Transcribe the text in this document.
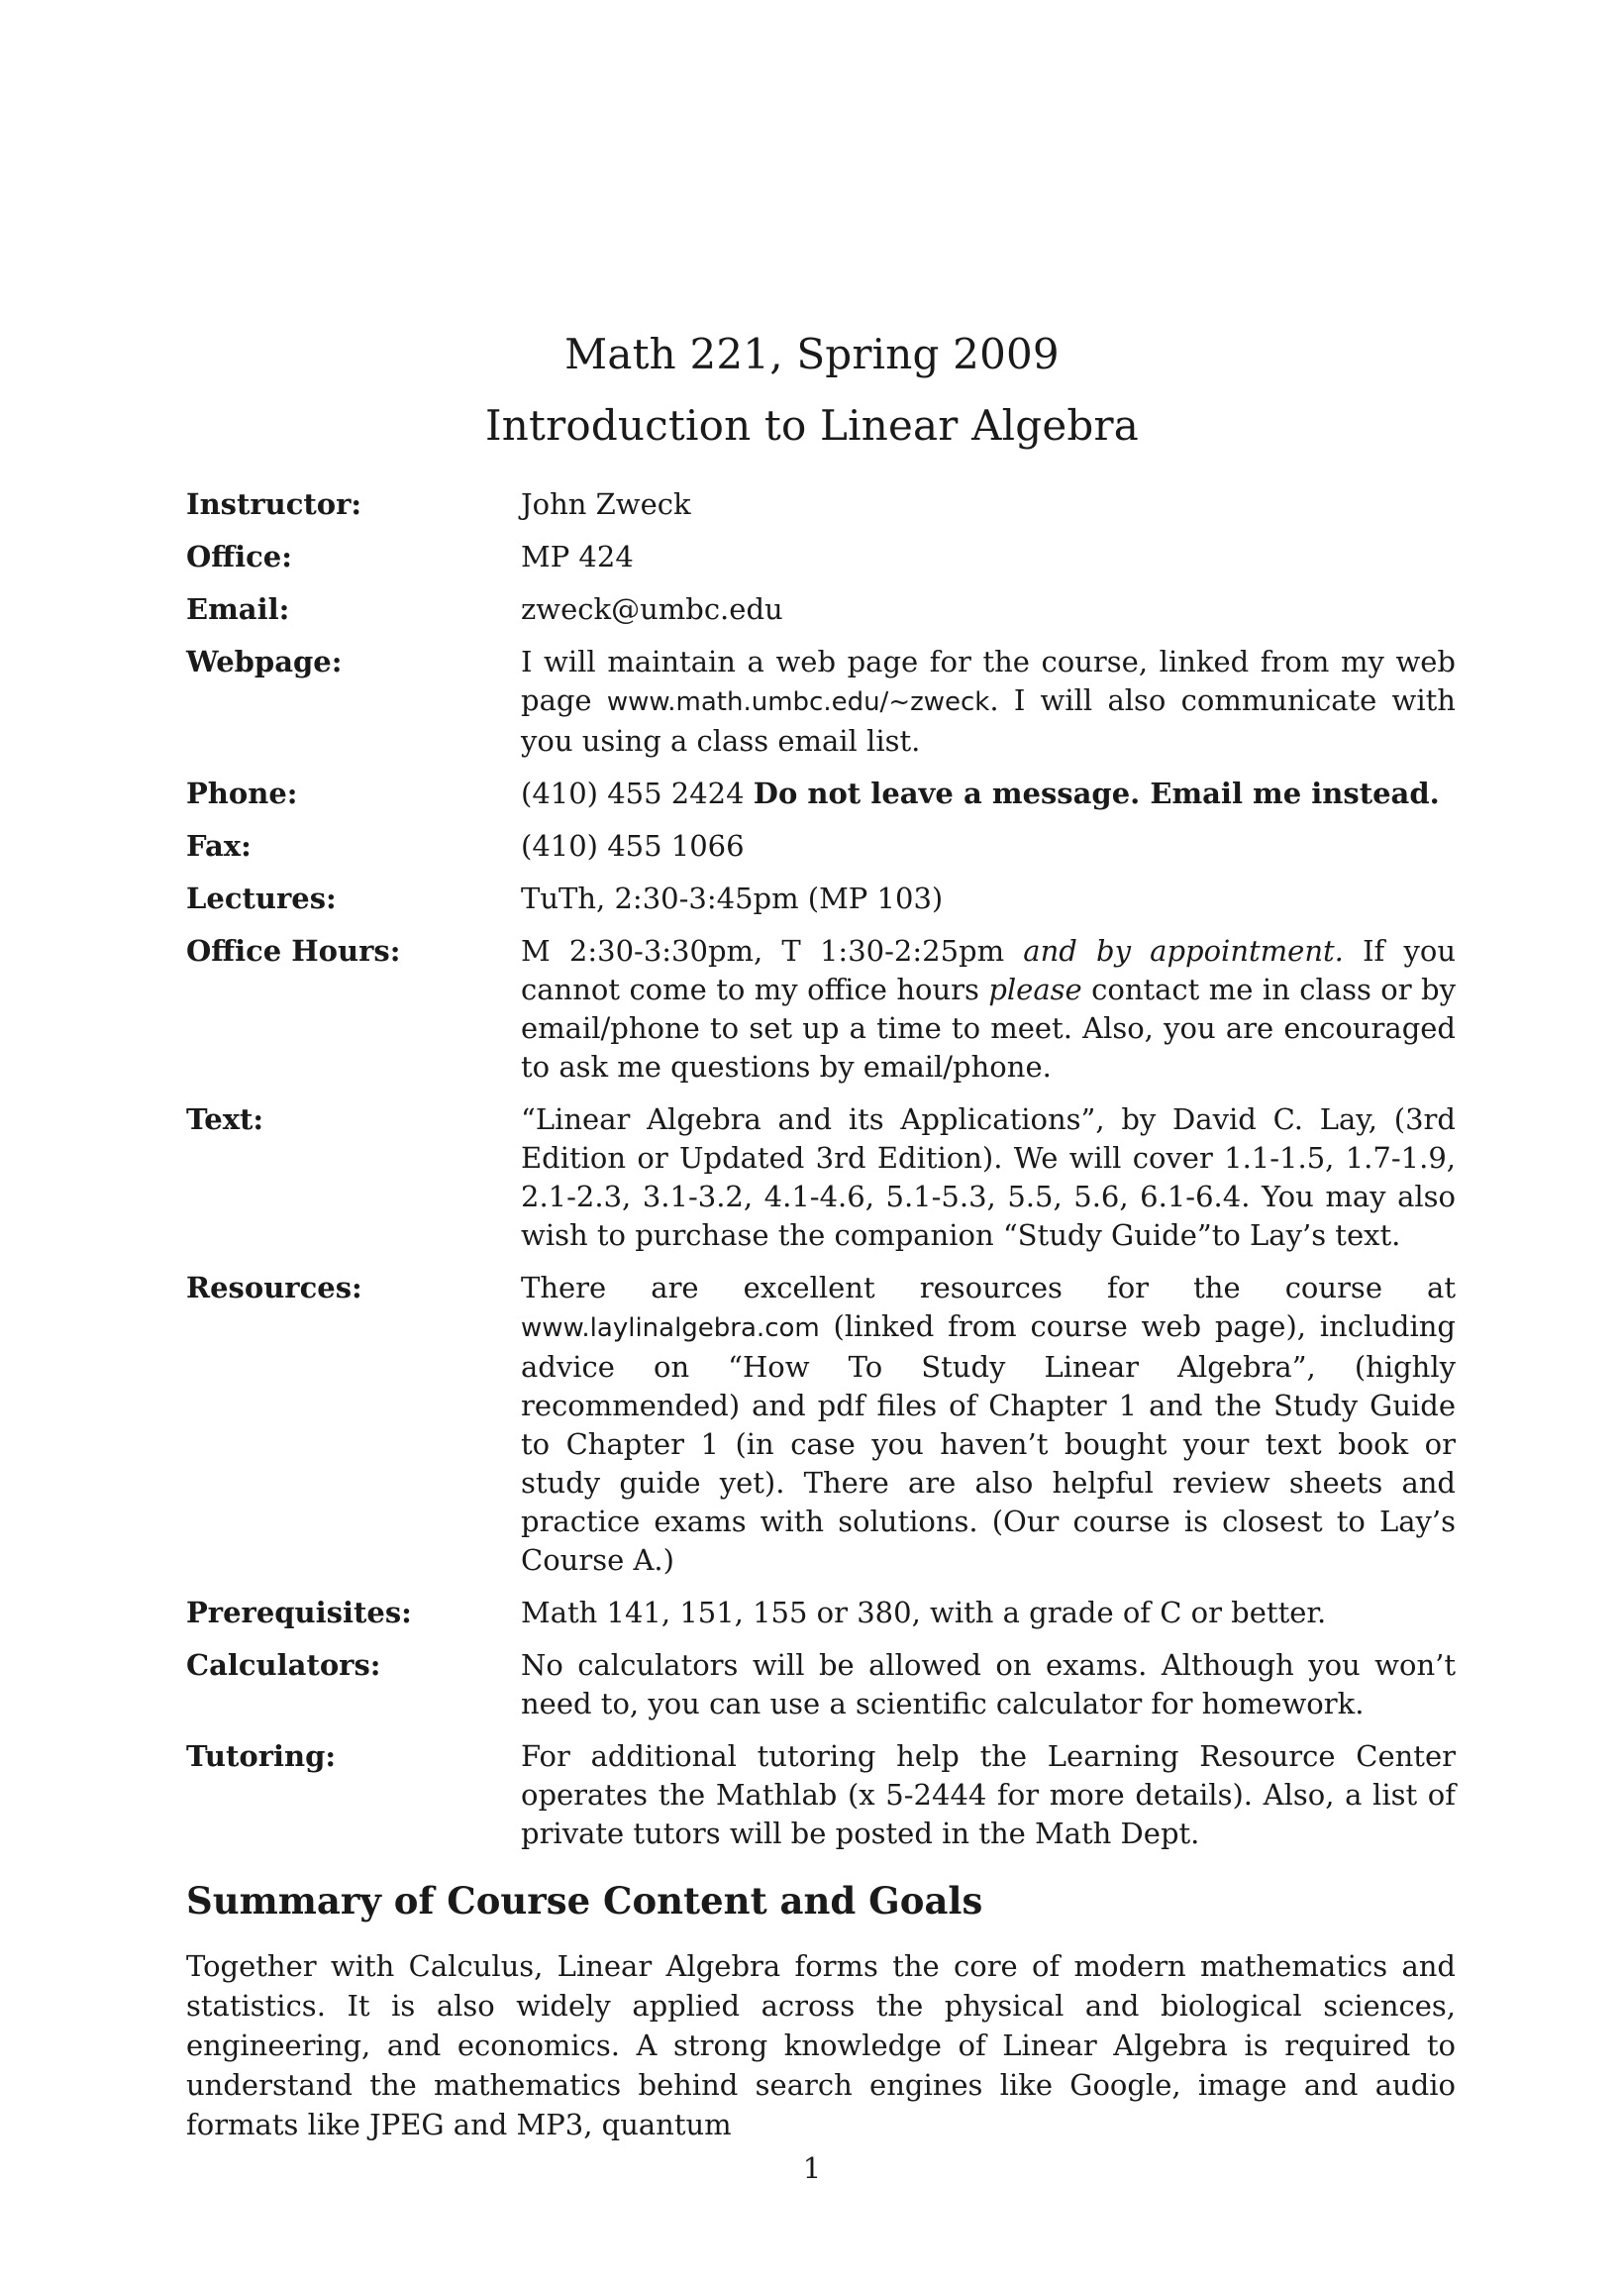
Math 221, Spring 2009
Introduction to Linear Algebra
Instructor:	John Zweck
Office:	MP 424
Email:	zweck@umbc.edu
Webpage:	I will maintain a web page for the course, linked from my web page www.math.umbc.edu/~zweck. I will also communicate with you using a class email list.
Phone:	(410) 455 2424 Do not leave a message. Email me instead.
Fax:	(410) 455 1066
Lectures:	TuTh, 2:30-3:45pm (MP 103)
Office Hours:	M 2:30-3:30pm, T 1:30-2:25pm and by appointment. If you cannot come to my office hours please contact me in class or by email/phone to set up a time to meet. Also, you are encouraged to ask me questions by email/phone.
Text:	“Linear Algebra and its Applications”, by David C. Lay, (3rd Edition or Updated 3rd Edition). We will cover 1.1-1.5, 1.7-1.9, 2.1-2.3, 3.1-3.2, 4.1-4.6, 5.1-5.3, 5.5, 5.6, 6.1-6.4. You may also wish to purchase the companion “Study Guide”to Lay’s text.
Resources:	There are excellent resources for the course at www.laylinalgebra.com (linked from course web page), including advice on “How To Study Linear Algebra”, (highly recommended) and pdf files of Chapter 1 and the Study Guide to Chapter 1 (in case you haven’t bought your text book or study guide yet). There are also helpful review sheets and practice exams with solutions. (Our course is closest to Lay’s Course A.)
Prerequisites:	Math 141, 151, 155 or 380, with a grade of C or better.
Calculators:	No calculators will be allowed on exams. Although you won’t need to, you can use a scientific calculator for homework.
Tutoring:	For additional tutoring help the Learning Resource Center operates the Mathlab (x 5-2444 for more details). Also, a list of private tutors will be posted in the Math Dept.
Summary of Course Content and Goals

Together with Calculus, Linear Algebra forms the core of modern mathematics and statistics. It is also widely applied across the physical and biological sciences, engineering, and economics. A strong knowledge of Linear Algebra is required to understand the mathematics behind search engines like Google, image and audio formats like JPEG and MP3, quantum

1
